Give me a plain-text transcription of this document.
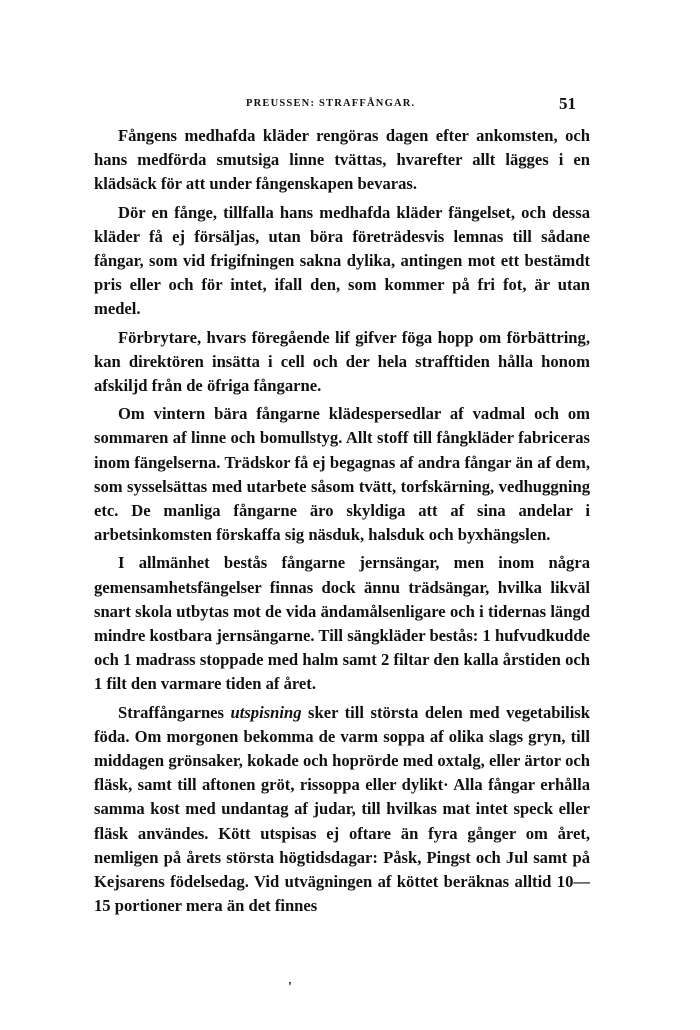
PREUSSEN: STRAFFÅNGAR.	51

Fångens medhafda kläder rengöras dagen efter ankomsten, och hans medförda smutsiga linne tvättas, hvarefter allt lägges i en klädsäck för att under fångenskapen bevaras.

Dör en fånge, tillfalla hans medhafda kläder fängelset, och dessa kläder få ej försäljas, utan böra företrädesvis lemnas till sådane fångar, som vid frigifningen sakna dylika, antingen mot ett bestämdt pris eller och för intet, ifall den, som kommer på fri fot, är utan medel.

Förbrytare, hvars föregående lif gifver föga hopp om förbättring, kan direktören insätta i cell och der hela strafftiden hålla honom afskiljd från de öfriga fångarne.

Om vintern bära fångarne klädespersedlar af vadmal och om sommaren af linne och bomullstyg. Allt stoff till fångkläder fabriceras inom fängelserna. Trädskor få ej begagnas af andra fångar än af dem, som sysselsättas med utarbete såsom tvätt, torfskärning, vedhuggning etc. De manliga fångarne äro skyldiga att af sina andelar i arbetsinkomsten förskaffa sig näsduk, halsduk och byxhängslen.

I allmänhet bestås fångarne jernsängar, men inom några gemensamhetsfängelser finnas dock ännu trädsängar, hvilka likväl snart skola utbytas mot de vida ändamålsenligare och i tidernas längd mindre kostbara jernsängarne. Till sängkläder bestås: 1 hufvudkudde och 1 madrass stoppade med halm samt 2 filtar den kalla årstiden och 1 filt den varmare tiden af året.

Straffångarnes utspisning sker till största delen med vegetabilisk föda. Om morgonen bekomma de varm soppa af olika slags gryn, till middagen grönsaker, kokade och hoprörde med oxtalg, eller ärtor och fläsk, samt till aftonen gröt, rissoppa eller dylikt· Alla fångar erhålla samma kost med undantag af judar, till hvilkas mat intet speck eller fläsk användes. Kött utspisas ej oftare än fyra gånger om året, nemligen på årets största högtidsdagar: Påsk, Pingst och Jul samt på Kejsarens födelsedag. Vid utvägningen af köttet beräknas alltid 10—15 portioner mera än det finnes

'
